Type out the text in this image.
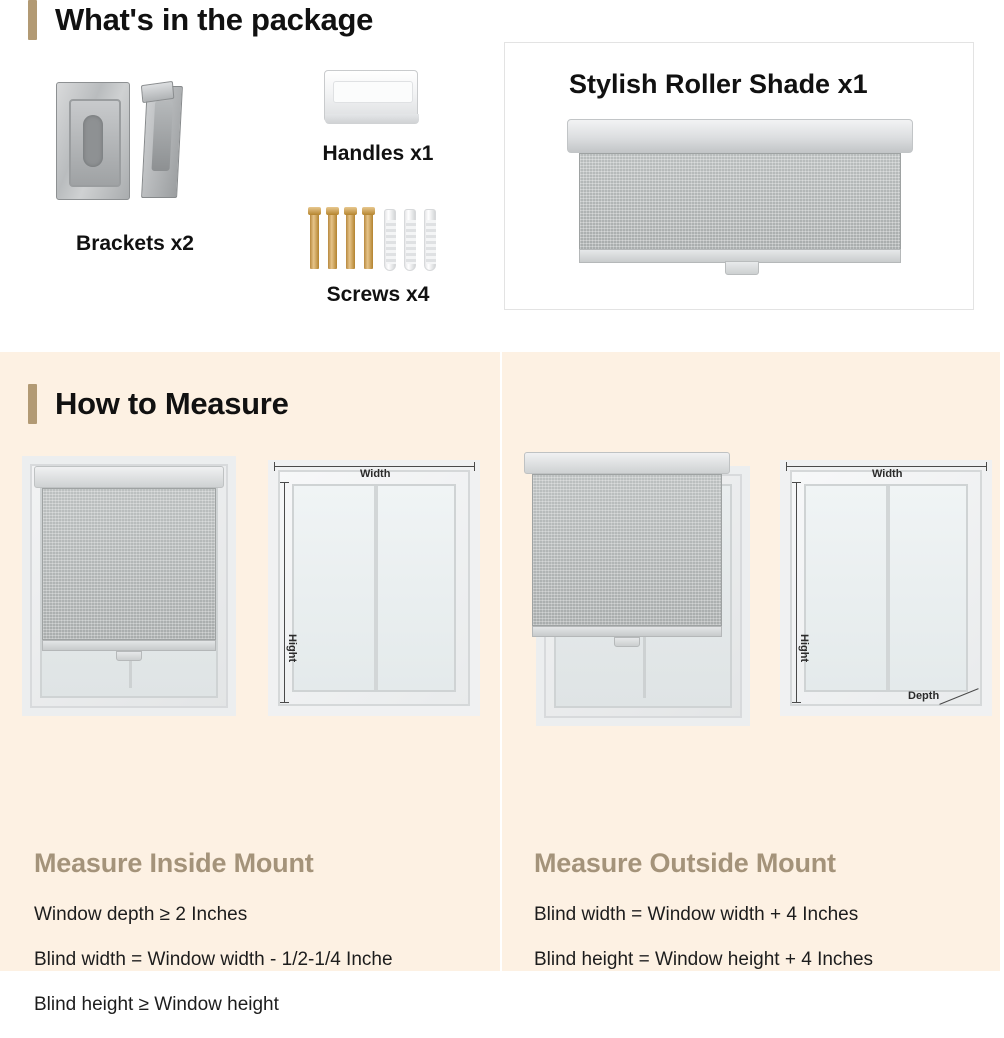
What's in the package
Brackets x2
Handles x1
Screws x4
Stylish Roller Shade x1
How to Measure
Width
Hight
Measure Inside Mount
Window depth ≥ 2 Inches
Blind width = Window width - 1/2-1/4 Inche
Blind height ≥ Window height
Width
Hight
Depth
Measure Outside Mount
Blind width = Window width + 4 Inches
Blind height = Window height + 4 Inches
